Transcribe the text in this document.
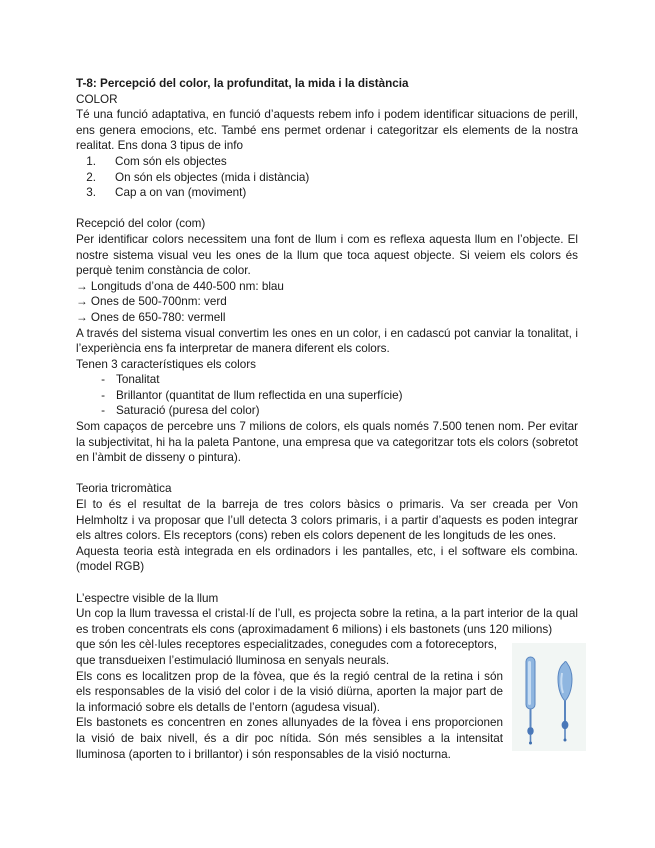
T-8: Percepció del color, la profunditat, la mida i la distància

COLOR

Té una funció adaptativa, en funció d’aquests rebem info i podem identificar situacions de perill, ens genera emocions, etc. També ens permet ordenar i categoritzar els elements de la nostra realitat. Ens dona 3 tipus de info

1.	Com són els objectes
2.	On són els objectes (mida i distància)
3.	Cap a on van (moviment)

Recepció del color (com)

Per identificar colors necessitem una font de llum i com es reflexa aquesta llum en l’objecte. El nostre sistema visual veu les ones de la llum que toca aquest objecte. Si veiem els colors és perquè tenim constància de color.

→ Longituds d’ona de 440-500 nm: blau

→ Ones de 500-700nm: verd

→ Ones de 650-780: vermell

A través del sistema visual convertim les ones en un color, i en cadascú pot canviar la tonalitat, i l’experiència ens fa interpretar de manera diferent els colors.

Tenen 3 característiques els colors

- Tonalitat
- Brillantor (quantitat de llum reflectida en una superfície)
- Saturació (puresa del color)

Som capaços de percebre uns 7 milions de colors, els quals només 7.500 tenen nom. Per evitar la subjectivitat, hi ha la paleta Pantone, una empresa que va categoritzar tots els colors (sobretot en l’àmbit de disseny o pintura).

Teoria tricromàtica

El to és el resultat de la barreja de tres colors bàsics o primaris. Va ser creada per Von Helmholtz i va proposar que l’ull detecta 3 colors primaris, i a partir d’aquests es poden integrar els altres colors. Els receptors (cons) reben els colors depenent de les longituds de les ones.

Aquesta teoria està integrada en els ordinadors i les pantalles, etc, i el software els combina. (model RGB)

L’espectre visible de la llum

Un cop la llum travessa el cristal·lí de l’ull, es projecta sobre la retina, a la part interior de la qual es troben concentrats els cons (aproximadament 6 milions) i els bastonets (uns 120 milions)

que són les cèl·lules receptores especialitzades, conegudes com a fotoreceptors, que transdueixen l’estimulació lluminosa en senyals neurals.

Els cons es localitzen prop de la fòvea, que és la regió central de la retina i són els responsables de la visió del color i de la visió diürna, aporten la major part de la informació sobre els detalls de l’entorn (agudesa visual).

Els bastonets es concentren en zones allunyades de la fòvea i ens proporcionen la visió de baix nivell, és a dir poc nítida. Són més sensibles a la intensitat lluminosa (aporten to i brillantor) i són responsables de la visió nocturna.
